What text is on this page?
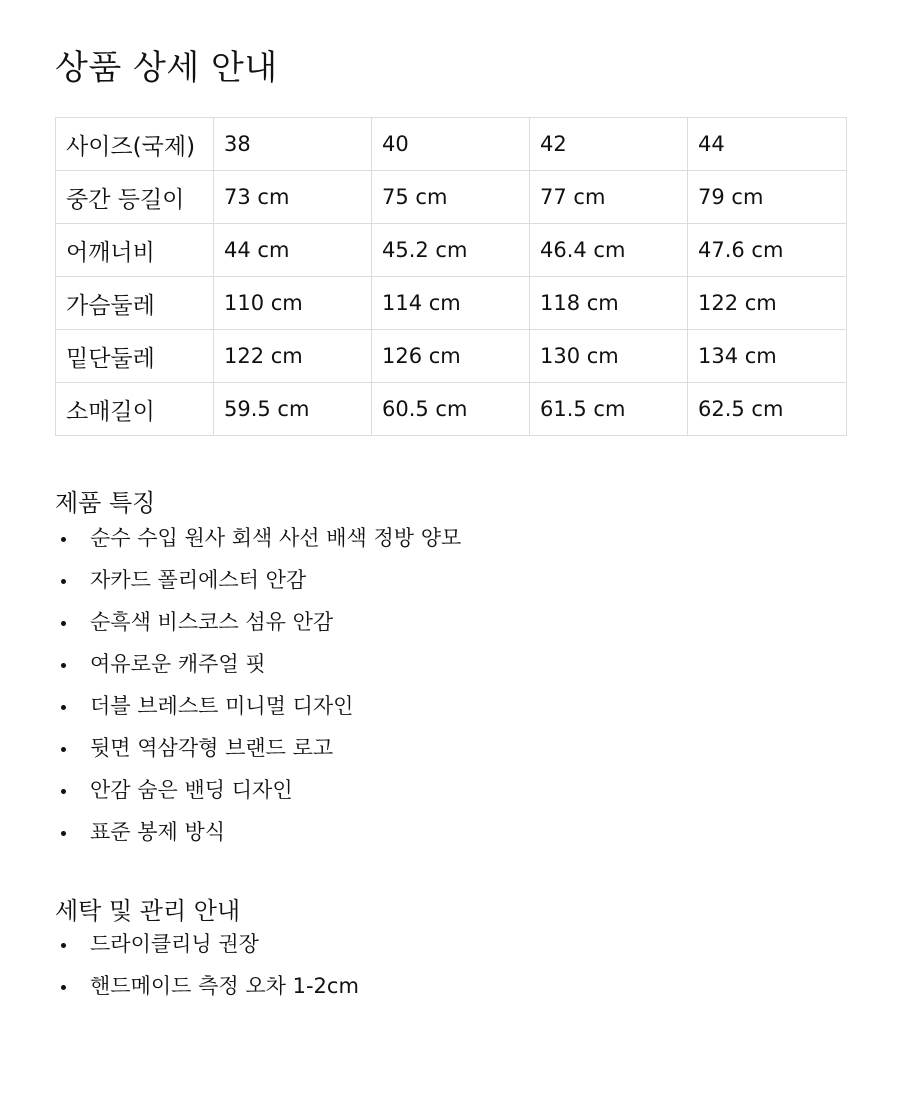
상품 상세 안내
사이즈(국제)	38	40	42	44
중간 등길이	73 cm	75 cm	77 cm	79 cm
어깨너비	44 cm	45.2 cm	46.4 cm	47.6 cm
가슴둘레	110 cm	114 cm	118 cm	122 cm
밑단둘레	122 cm	126 cm	130 cm	134 cm
소매길이	59.5 cm	60.5 cm	61.5 cm	62.5 cm
제품 특징
순수 수입 원사 회색 사선 배색 정방 양모
자카드 폴리에스터 안감
순흑색 비스코스 섬유 안감
여유로운 캐주얼 핏
더블 브레스트 미니멀 디자인
뒷면 역삼각형 브랜드 로고
안감 숨은 밴딩 디자인
표준 봉제 방식
세탁 및 관리 안내
드라이클리닝 권장
핸드메이드 측정 오차 1-2cm
